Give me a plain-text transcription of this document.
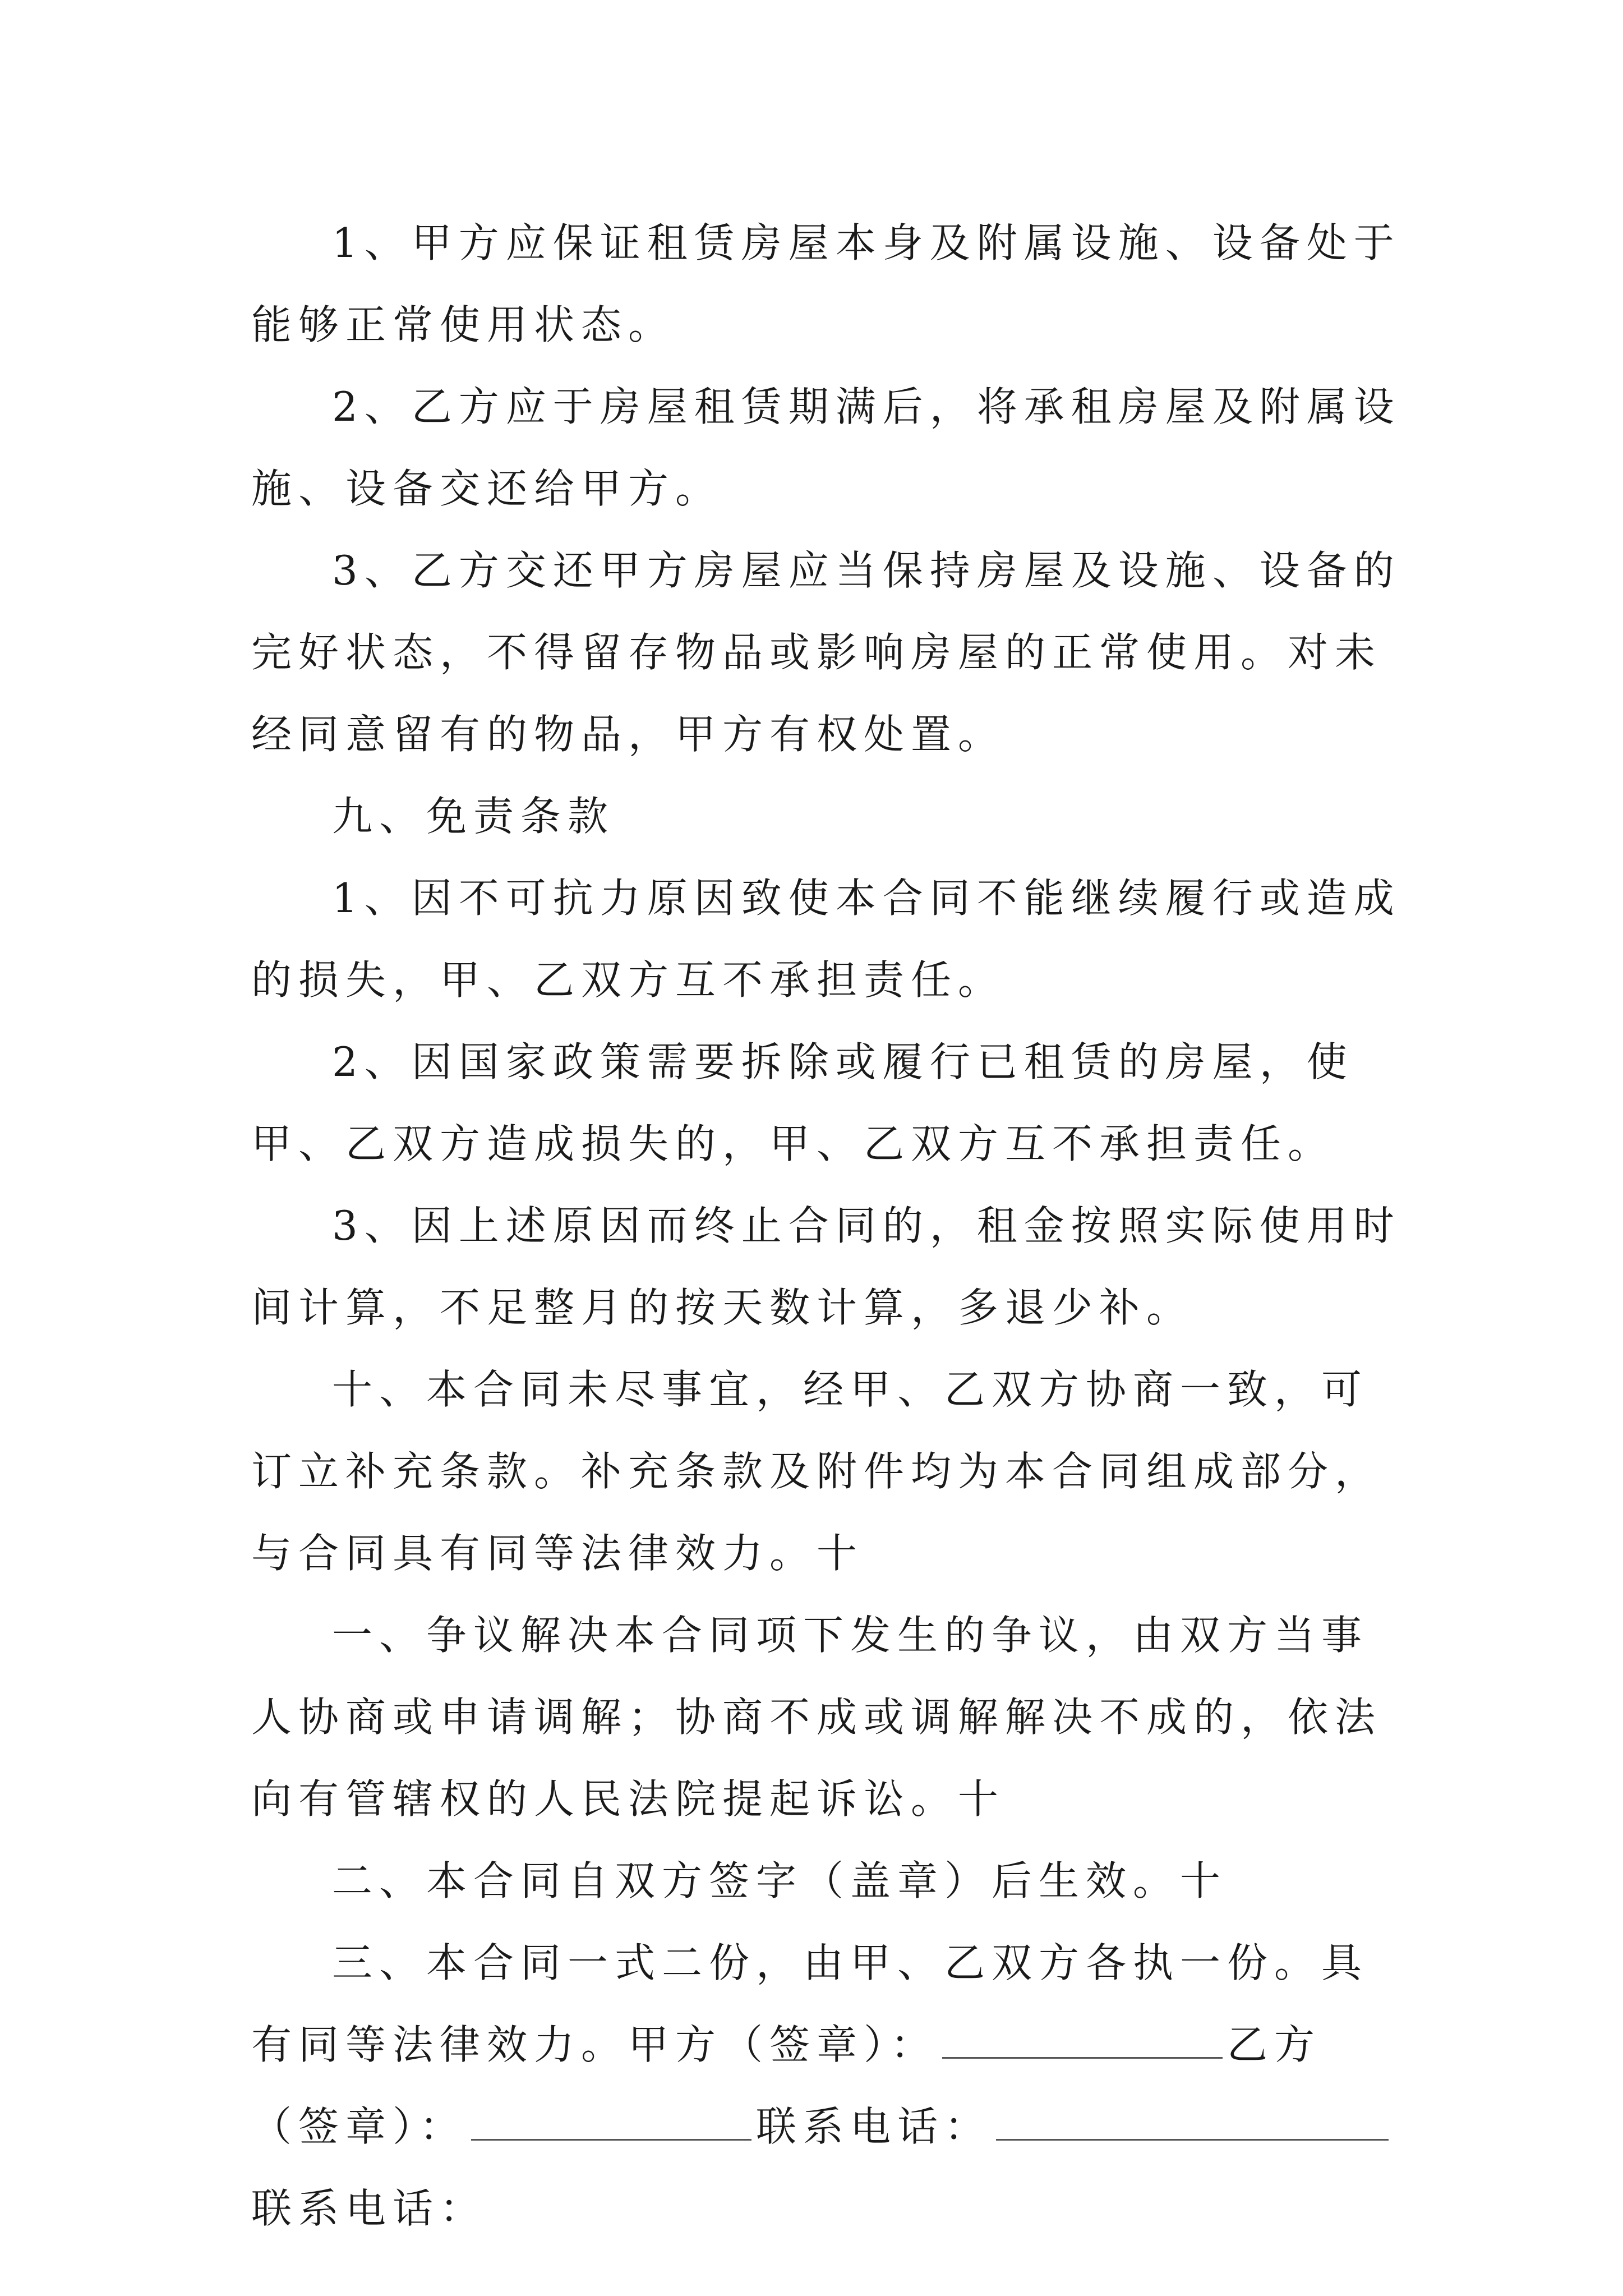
1、甲方应保证租赁房屋本身及附属设施、设备处于能够正常使用状态。

2、乙方应于房屋租赁期满后，将承租房屋及附属设施、设备交还给甲方。

3、乙方交还甲方房屋应当保持房屋及设施、设备的完好状态，不得留存物品或影响房屋的正常使用。对未经同意留有的物品，甲方有权处置。

九、免责条款

1、因不可抗力原因致使本合同不能继续履行或造成的损失，甲、乙双方互不承担责任。

2、因国家政策需要拆除或履行已租赁的房屋，使甲、乙双方造成损失的，甲、乙双方互不承担责任。

3、因上述原因而终止合同的，租金按照实际使用时间计算，不足整月的按天数计算，多退少补。

十、本合同未尽事宜，经甲、乙双方协商一致，可订立补充条款。补充条款及附件均为本合同组成部分，与合同具有同等法律效力。十

一、争议解决本合同项下发生的争议，由双方当事人协商或申请调解；协商不成或调解解决不成的，依法向有管辖权的人民法院提起诉讼。十

二、本合同自双方签字（盖章）后生效。十

三、本合同一式二份，由甲、乙双方各执一份。具有同等法律效力。甲方（签章）：	乙方（签章）：	联系电话：联系电话：
